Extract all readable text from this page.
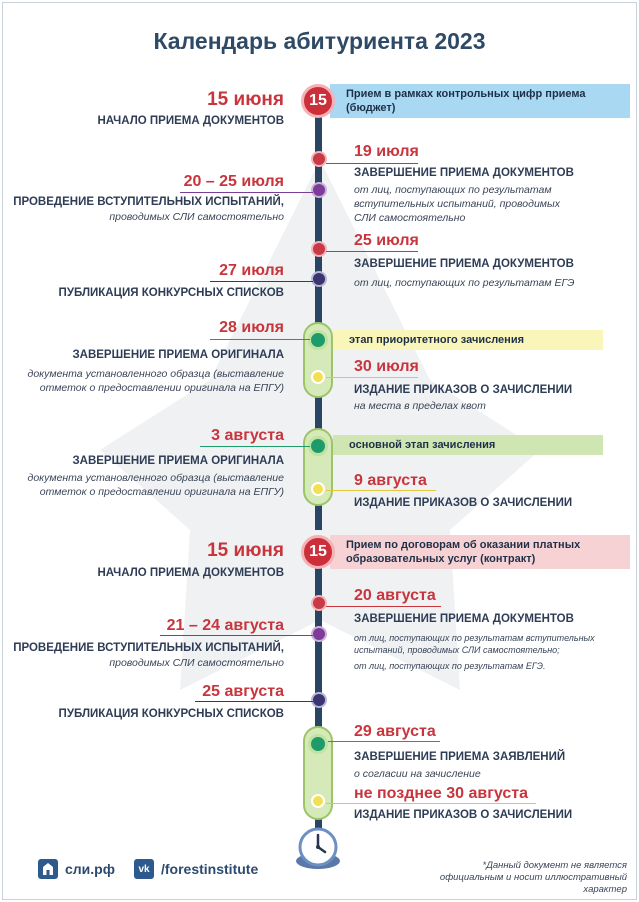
Календарь абитуриента 2023
Прием в рамках контрольных цифр приема (бюджет)
15
15 июня
НАЧАЛО ПРИЕМА ДОКУМЕНТОВ
19 июля
ЗАВЕРШЕНИЕ ПРИЕМА ДОКУМЕНТОВ
от лиц, поступающих по результатам вступительных испытаний, проводимых СЛИ самостоятельно
20 – 25 июля
ПРОВЕДЕНИЕ ВСТУПИТЕЛЬНЫХ ИСПЫТАНИЙ,
проводимых СЛИ самостоятельно
25 июля
ЗАВЕРШЕНИЕ ПРИЕМА ДОКУМЕНТОВ
от лиц, поступающих по результатам ЕГЭ
27 июля
ПУБЛИКАЦИЯ КОНКУРСНЫХ СПИСКОВ
этап приоритетного зачисления
28 июля
ЗАВЕРШЕНИЕ ПРИЕМА ОРИГИНАЛА
документа установленного образца (выставление отметок о предоставлении оригинала на ЕПГУ)
30 июля
ИЗДАНИЕ ПРИКАЗОВ О ЗАЧИСЛЕНИИ
на места в пределах квот
основной этап зачисления
3 августа
ЗАВЕРШЕНИЕ ПРИЕМА ОРИГИНАЛА
документа установленного образца (выставление отметок о предоставлении оригинала на ЕПГУ)
9 августа
ИЗДАНИЕ ПРИКАЗОВ О ЗАЧИСЛЕНИИ
Прием по договорам об оказании платных образовательных услуг (контракт)
15
15 июня
НАЧАЛО ПРИЕМА ДОКУМЕНТОВ
20 августа
ЗАВЕРШЕНИЕ ПРИЕМА ДОКУМЕНТОВ
от лиц, поступающих по результатам вступительных испытаний, проводимых СЛИ самостоятельно;
от лиц, поступающих по результатам ЕГЭ.
21 – 24 августа
ПРОВЕДЕНИЕ ВСТУПИТЕЛЬНЫХ ИСПЫТАНИЙ,
проводимых СЛИ самостоятельно
25 августа
ПУБЛИКАЦИЯ КОНКУРСНЫХ СПИСКОВ
29 августа
ЗАВЕРШЕНИЕ ПРИЕМА ЗАЯВЛЕНИЙ
о согласии на зачисление
не позднее 30 августа
ИЗДАНИЕ ПРИКАЗОВ О ЗАЧИСЛЕНИИ
сли.рф vk /forestinstitute	*Данный документ не является официальным и носит иллюстративный характер
